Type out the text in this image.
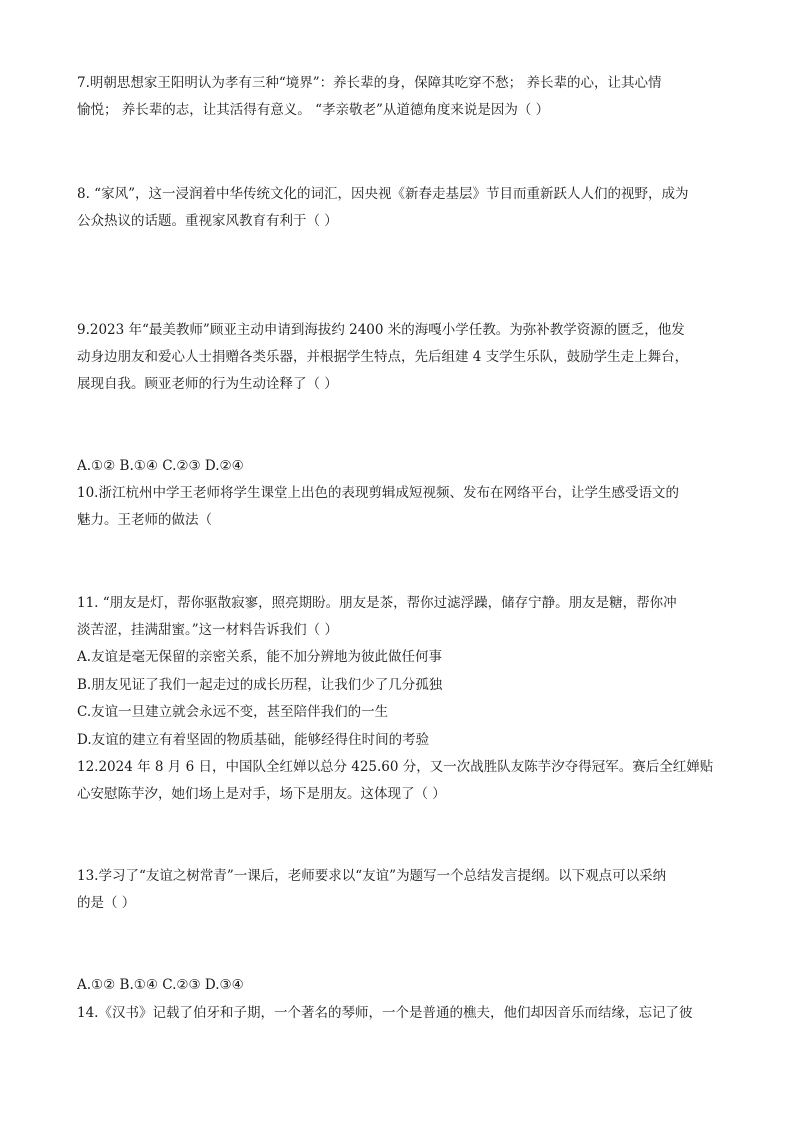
7.明朝思想家王阳明认为孝有三种“境界”：养长辈的身，保障其吃穿不愁； 养长辈的心，让其心情
愉悦； 养长辈的志，让其活得有意义。 “孝亲敬老”从道德角度来说是因为（ ）
8. “家风”，这一浸润着中华传统文化的词汇，因央视《新春走基层》节目而重新跃人人们的视野，成为
公众热议的话题。重视家风教育有利于（ ）
9.2023 年“最美教师”顾亚主动申请到海拔约 2400 米的海嘎小学任教。为弥补教学资源的匮乏，他发
动身边朋友和爱心人士捐赠各类乐器，并根据学生特点，先后组建 4 支学生乐队，鼓励学生走上舞台，
展现自我。顾亚老师的行为生动诠释了（ ）
A.①② B.①④ C.②③ D.②④
10.浙江杭州中学王老师将学生课堂上出色的表现剪辑成短视频、发布在网络平台，让学生感受语文的
魅力。王老师的做法（
11. “朋友是灯，帮你驱散寂寥，照亮期盼。朋友是茶，帮你过滤浮躁，储存宁静。朋友是糖，帮你冲
淡苦涩，挂满甜蜜。”这一材料告诉我们（ ）
A.友谊是毫无保留的亲密关系，能不加分辨地为彼此做任何事
B.朋友见证了我们一起走过的成长历程，让我们少了几分孤独
C.友谊一旦建立就会永远不变，甚至陪伴我们的一生
D.友谊的建立有着坚固的物质基础，能够经得住时间的考验
12.2024 年 8 月 6 日，中国队全红婵以总分 425.60 分，又一次战胜队友陈芋汐夺得冠军。赛后全红婵贴
心安慰陈芋汐，她们场上是对手，场下是朋友。这体现了（ ）
13.学习了“友谊之树常青”一课后，老师要求以“友谊”为题写一个总结发言提纲。以下观点可以采纳
的是（ ）
A.①② B.①④ C.②③ D.③④
14.《汉书》记载了伯牙和子期，一个著名的琴师，一个是普通的樵夫，他们却因音乐而结缘，忘记了彼
